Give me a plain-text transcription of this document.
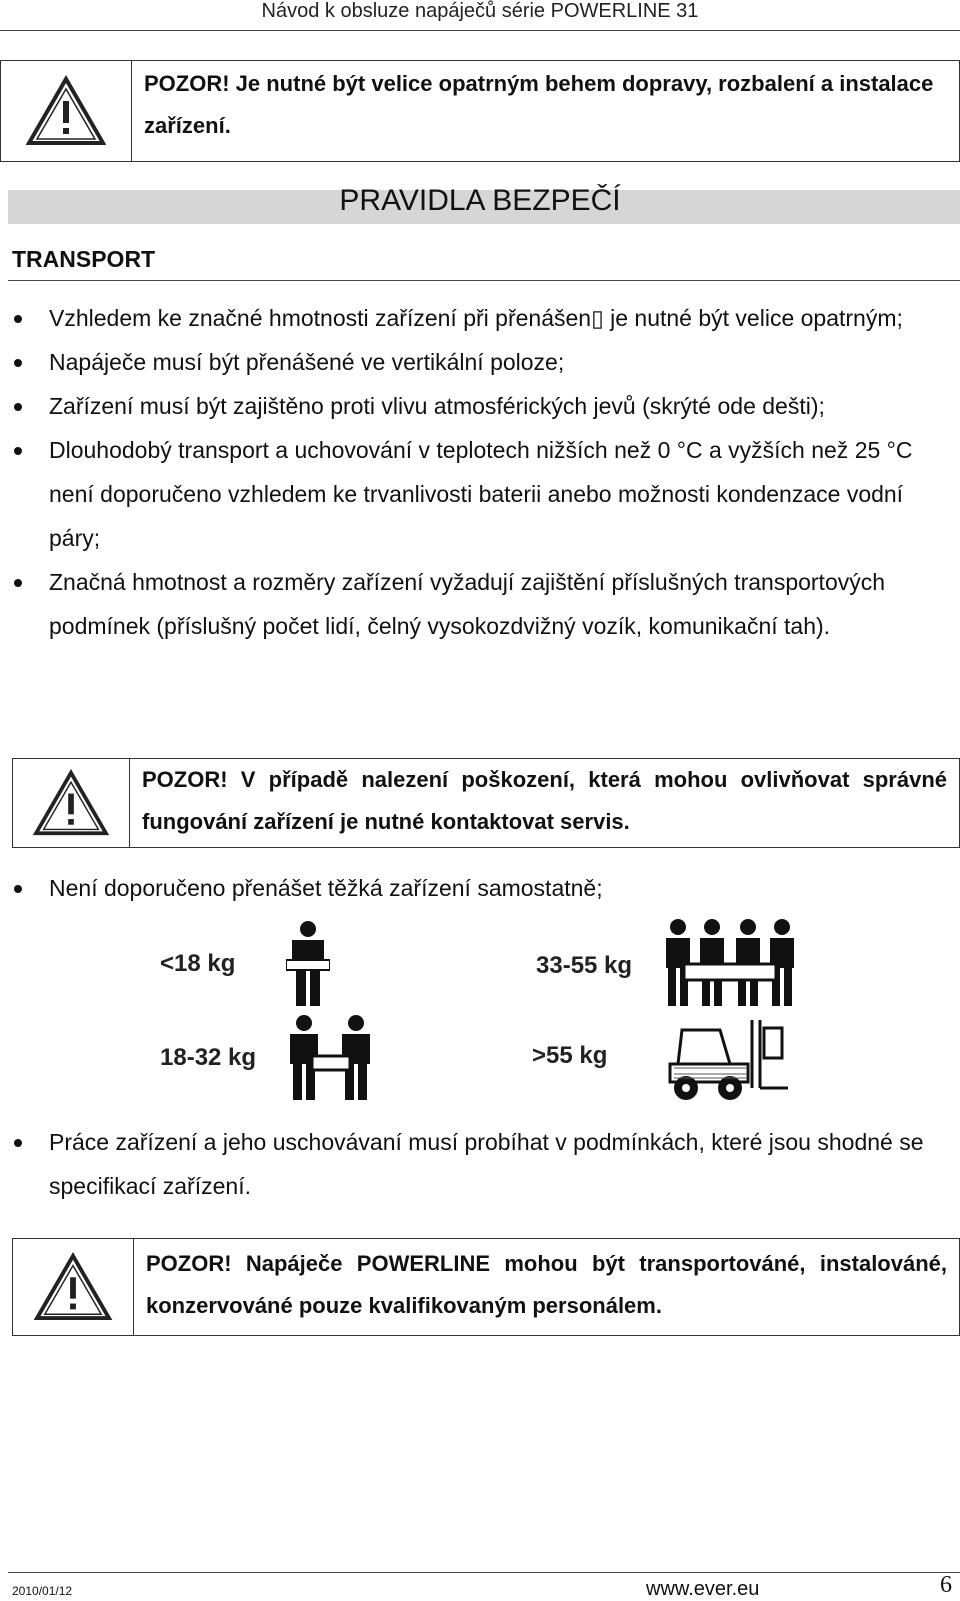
Návod k obsluze napáječů série POWERLINE 31
POZOR! Je nutné být velice opatrným behem dopravy, rozbalení a instalace zařízení.
PRAVIDLA BEZPEČÍ
TRANSPORT
Vzhledem ke značné hmotnosti zařízení při přenášen▯ je nutné být velice opatrným;
Napáječe musí být přenášené ve vertikální poloze;
Zařízení musí být zajištěno proti vlivu atmosférických jevů (skrýté ode dešti);
Dlouhodobý transport a uchovování v teplotech nižších než 0 °C a vyžších než 25 °C není doporučeno vzhledem ke trvanlivosti baterii anebo možnosti kondenzace vodní páry;
Značná hmotnost a rozměry zařízení vyžadují zajištění příslušných transportových podmínek (příslušný počet lidí, čelný vysokozdvižný vozík, komunikační tah).
POZOR! V případě nalezení poškození, která mohou ovlivňovat správné fungování zařízení je nutné kontaktovat servis.
Není doporučeno přenášet těžká zařízení samostatně;
<18 kg
18-32 kg
33-55 kg
>55 kg
Práce zařízení a jeho uschovávaní musí probíhat v podmínkách, které jsou shodné se specifikací zařízení.
POZOR! Napáječe POWERLINE mohou být transportováné, instalováné, konzervováné pouze kvalifikovaným personálem.
2010/01/12	www.ever.eu	6
